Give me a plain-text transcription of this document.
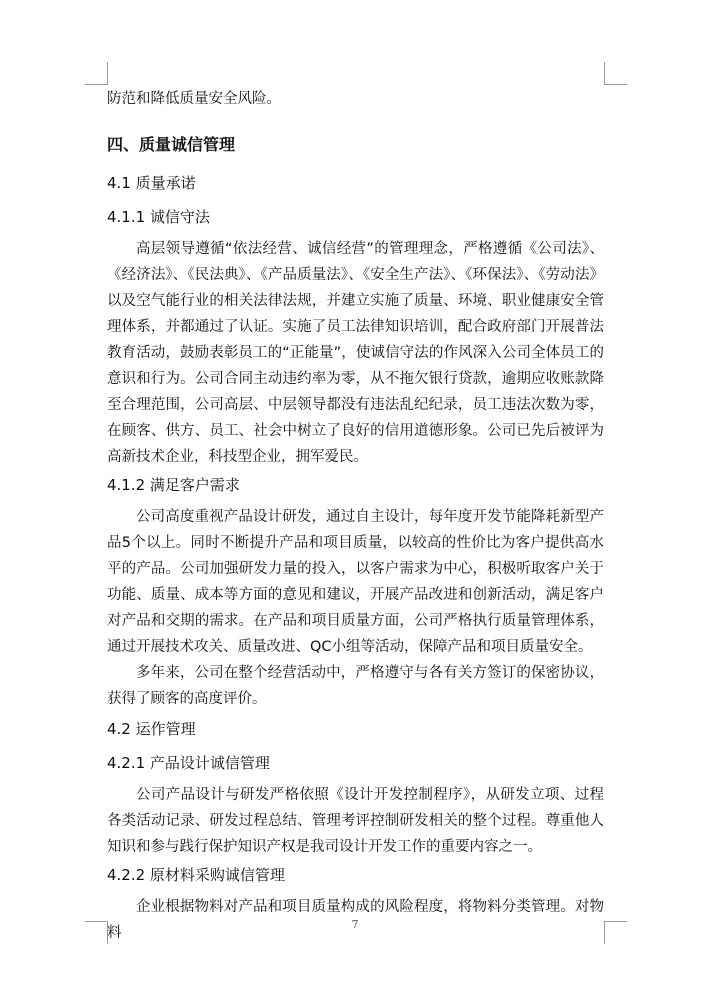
防范和降低质量安全风险。

四、质量诚信管理
4.1 质量承诺
4.1.1 诚信守法

高层领导遵循“依法经营、诚信经营”的管理理念，严格遵循《公司法》、《经济法》、《民法典》、《产品质量法》、《安全生产法》、《环保法》、《劳动法》以及空气能行业的相关法律法规，并建立实施了质量、环境、职业健康安全管理体系，并都通过了认证。实施了员工法律知识培训，配合政府部门开展普法教育活动，鼓励表彰员工的“正能量”，使诚信守法的作风深入公司全体员工的意识和行为。公司合同主动违约率为零，从不拖欠银行贷款，逾期应收账款降至合理范围，公司高层、中层领导都没有违法乱纪纪录，员工违法次数为零，在顾客、供方、员工、社会中树立了良好的信用道德形象。公司已先后被评为高新技术企业，科技型企业，拥军爱民。

4.1.2 满足客户需求

公司高度重视产品设计研发，通过自主设计，每年度开发节能降耗新型产品5个以上。同时不断提升产品和项目质量，以较高的性价比为客户提供高水平的产品。公司加强研发力量的投入，以客户需求为中心，积极听取客户关于功能、质量、成本等方面的意见和建议，开展产品改进和创新活动，满足客户对产品和交期的需求。在产品和项目质量方面，公司严格执行质量管理体系，通过开展技术攻关、质量改进、QC小组等活动，保障产品和项目质量安全。

多年来，公司在整个经营活动中，严格遵守与各有关方签订的保密协议，获得了顾客的高度评价。

4.2 运作管理
4.2.1 产品设计诚信管理

公司产品设计与研发严格依照《设计开发控制程序》，从研发立项、过程各类活动记录、研发过程总结、管理考评控制研发相关的整个过程。尊重他人知识和参与践行保护知识产权是我司设计开发工作的重要内容之一。

4.2.2 原材料采购诚信管理

企业根据物料对产品和项目质量构成的风险程度，将物料分类管理。对物料

7
